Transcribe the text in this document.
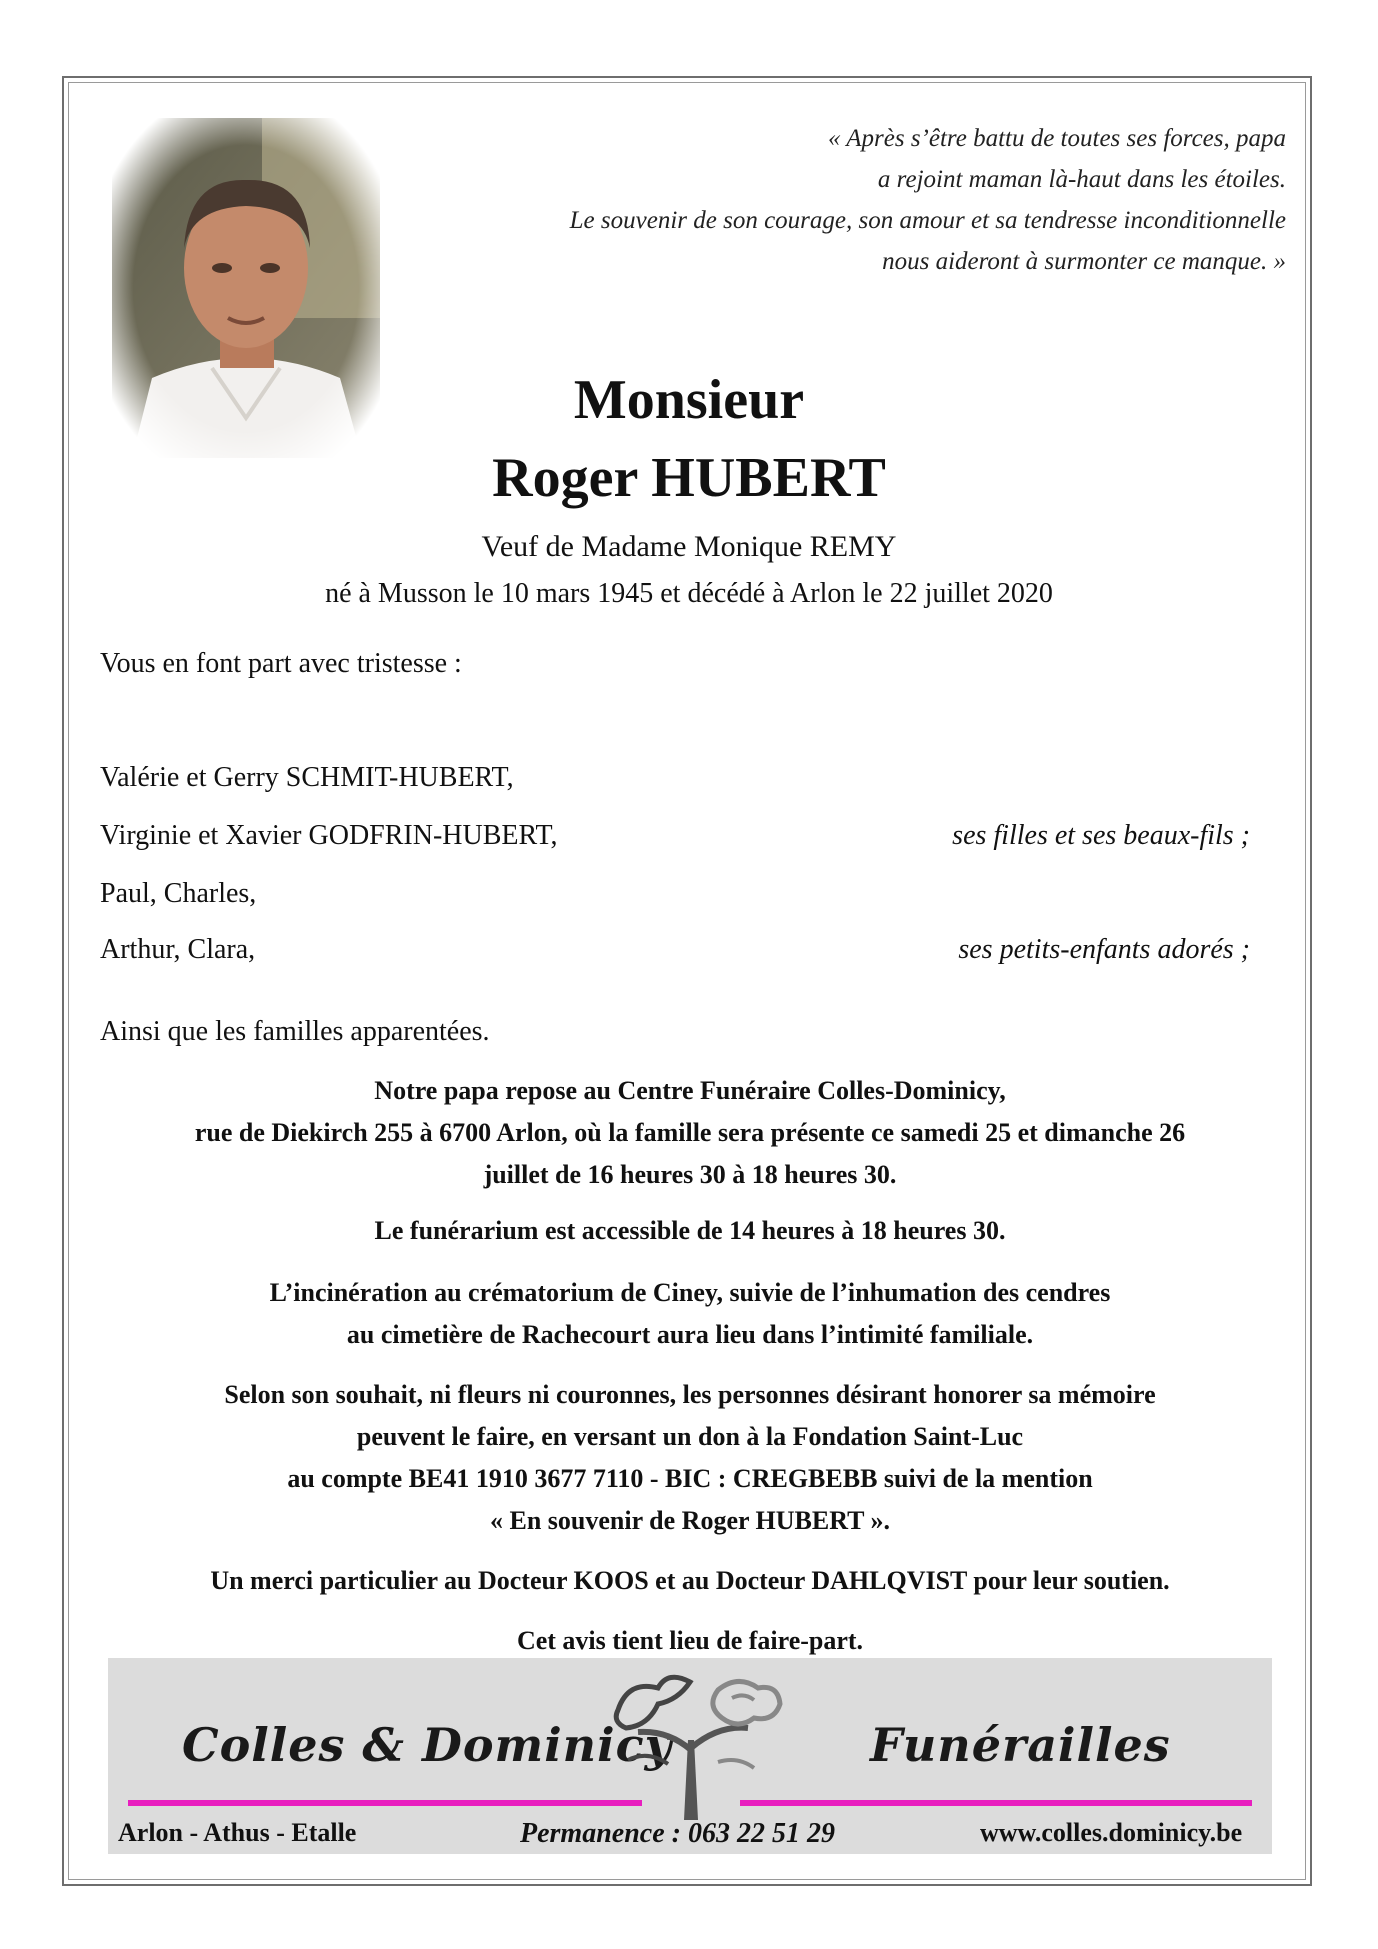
« Après s’être battu de toutes ses forces, papa
a rejoint maman là-haut dans les étoiles.
Le souvenir de son courage, son amour et sa tendresse inconditionnelle
nous aideront à surmonter ce manque. »
Monsieur
Roger HUBERT
Veuf de Madame Monique REMY
né à Musson le 10 mars 1945 et décédé à Arlon le 22 juillet 2020
Vous en font part avec tristesse :
Valérie et Gerry SCHMIT-HUBERT,
Virginie et Xavier GODFRIN-HUBERT,	ses filles et ses beaux-fils ;
Paul, Charles,
Arthur, Clara,	ses petits-enfants adorés ;
Ainsi que les familles apparentées.
Notre papa repose au Centre Funéraire Colles-Dominicy,
rue de Diekirch 255 à 6700 Arlon, où la famille sera présente ce samedi 25 et dimanche 26
juillet de 16 heures 30 à 18 heures 30.
Le funérarium est accessible de 14 heures à 18 heures 30.
L’incinération au crématorium de Ciney, suivie de l’inhumation des cendres
au cimetière de Rachecourt aura lieu dans l’intimité familiale.
Selon son souhait, ni fleurs ni couronnes, les personnes désirant honorer sa mémoire
peuvent le faire, en versant un don à la Fondation Saint-Luc
au compte BE41 1910 3677 7110 - BIC : CREGBEBB suivi de la mention
« En souvenir de Roger HUBERT ».
Un merci particulier au Docteur KOOS et au Docteur DAHLQVIST pour leur soutien.
Cet avis tient lieu de faire-part.
Colles & Dominicy	Funérailles
Arlon - Athus - Etalle	Permanence : 063 22 51 29	www.colles.dominicy.be
